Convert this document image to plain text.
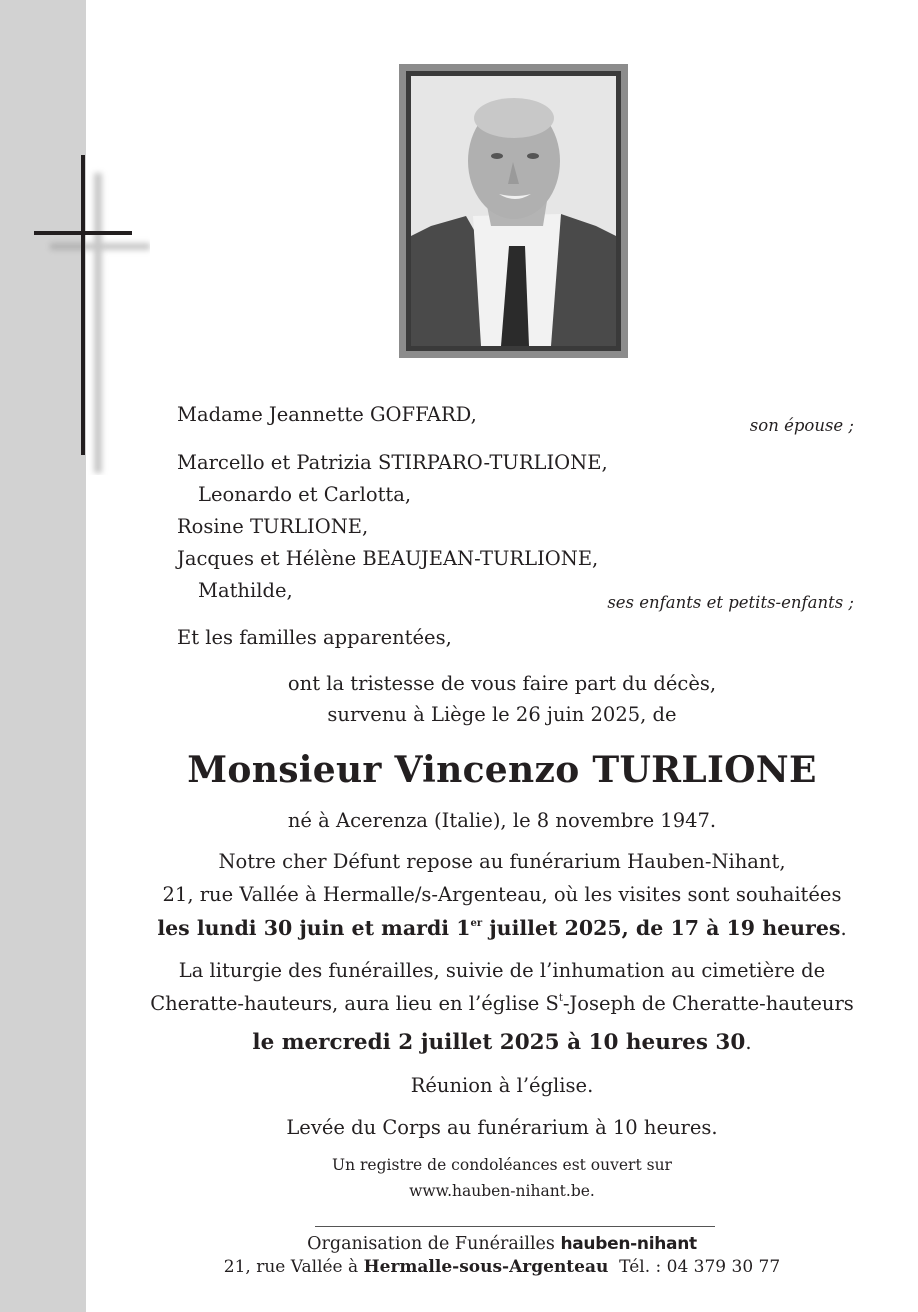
Madame Jeannette GOFFARD,	son épouse ;
Marcello et Patrizia STIRPARO-TURLIONE,
Leonardo et Carlotta,
Rosine TURLIONE,
Jacques et Hélène BEAUJEAN-TURLIONE,
Mathilde,
ses enfants et petits-enfants ;
Et les familles apparentées,
ont la tristesse de vous faire part du décès,
survenu à Liège le 26 juin 2025, de
Monsieur Vincenzo TURLIONE
né à Acerenza (Italie), le 8 novembre 1947.
Notre cher Défunt repose au funérarium Hauben-Nihant,
21, rue Vallée à Hermalle/s-Argenteau, où les visites sont souhaitées
les lundi 30 juin et mardi 1er juillet 2025, de 17 à 19 heures.
La liturgie des funérailles, suivie de l’inhumation au cimetière de
Cheratte-hauteurs, aura lieu en l’église $S^t$-Joseph de Cheratte-hauteurs
le mercredi 2 juillet 2025 à 10 heures 30.
Réunion à l’église.
Levée du Corps au funérarium à 10 heures.
Un registre de condoléances est ouvert sur
www.hauben-nihant.be.
Organisation de Funérailles hauben-nihant
21, rue Vallée à Hermalle-sous-Argenteau Tél. : 04 379 30 77
